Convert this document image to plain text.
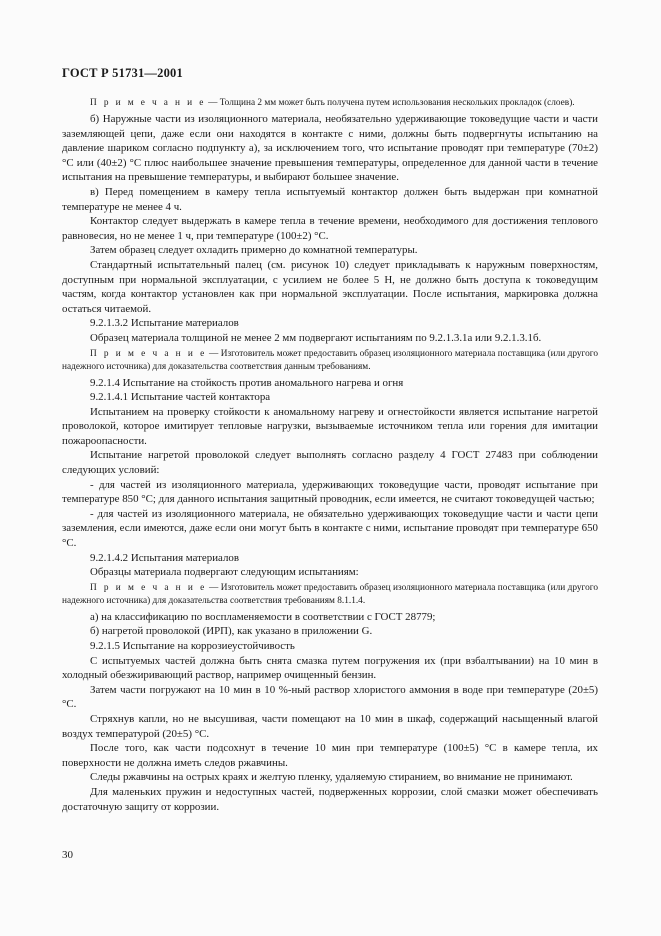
ГОСТ Р 51731—2001

П р и м е ч а н и е — Толщина 2 мм может быть получена путем использования нескольких прокладок (слоев).

б) Наружные части из изоляционного материала, необязательно удерживающие токоведущие части и части заземляющей цепи, даже если они находятся в контакте с ними, должны быть подвергнуты испытанию на давление шариком согласно подпункту а), за исключением того, что испытание проводят при температуре (70±2) °С или (40±2) °С плюс наибольшее значение превышения температуры, определенное для данной части в течение испытания на превышение температуры, и выбирают большее значение.

в) Перед помещением в камеру тепла испытуемый контактор должен быть выдержан при комнатной температуре не менее 4 ч.

Контактор следует выдержать в камере тепла в течение времени, необходимого для достижения теплового равновесия, но не менее 1 ч, при температуре (100±2) °С.

Затем образец следует охладить примерно до комнатной температуры.

Стандартный испытательный палец (см. рисунок 10) следует прикладывать к наружным поверхностям, доступным при нормальной эксплуатации, с усилием не более 5 Н, не должно быть доступа к токоведущим частям, когда контактор установлен как при нормальной эксплуатации. После испытания, маркировка должна остаться читаемой.

9.2.1.3.2 Испытание материалов

Образец материала толщиной не менее 2 мм подвергают испытаниям по 9.2.1.3.1а или 9.2.1.3.1б.

П р и м е ч а н и е — Изготовитель может предоставить образец изоляционного материала поставщика (или другого надежного источника) для доказательства соответствия данным требованиям.

9.2.1.4 Испытание на стойкость против аномального нагрева и огня

9.2.1.4.1 Испытание частей контактора

Испытанием на проверку стойкости к аномальному нагреву и огнестойкости является испытание нагретой проволокой, которое имитирует тепловые нагрузки, вызываемые источником тепла или горения для имитации пожароопасности.

Испытание нагретой проволокой следует выполнять согласно разделу 4 ГОСТ 27483 при соблюдении следующих условий:

- для частей из изоляционного материала, удерживающих токоведущие части, проводят испытание при температуре 850 °С; для данного испытания защитный проводник, если имеется, не считают токоведущей частью;

- для частей из изоляционного материала, не обязательно удерживающих токоведущие части и части цепи заземления, если имеются, даже если они могут быть в контакте с ними, испытание проводят при температуре 650 °С.

9.2.1.4.2 Испытания материалов

Образцы материала подвергают следующим испытаниям:

П р и м е ч а н и е — Изготовитель может предоставить образец изоляционного материала поставщика (или другого надежного источника) для доказательства соответствия требованиям 8.1.1.4.

а) на классификацию по воспламеняемости в соответствии с ГОСТ 28779;

б) нагретой проволокой (ИРП), как указано в приложении G.

9.2.1.5 Испытание на коррозиеустойчивость

С испытуемых частей должна быть снята смазка путем погружения их (при взбалтывании) на 10 мин в холодный обезжиривающий раствор, например очищенный бензин.

Затем части погружают на 10 мин в 10 %-ный раствор хлористого аммония в воде при температуре (20±5) °С.

Стряхнув капли, но не высушивая, части помещают на 10 мин в шкаф, содержащий насыщенный влагой воздух температурой (20±5) °С.

После того, как части подсохнут в течение 10 мин при температуре (100±5) °С в камере тепла, их поверхности не должна иметь следов ржавчины.

Следы ржавчины на острых краях и желтую пленку, удаляемую стиранием, во внимание не принимают.

Для маленьких пружин и недоступных частей, подверженных коррозии, слой смазки может обеспечивать достаточную защиту от коррозии.

30
